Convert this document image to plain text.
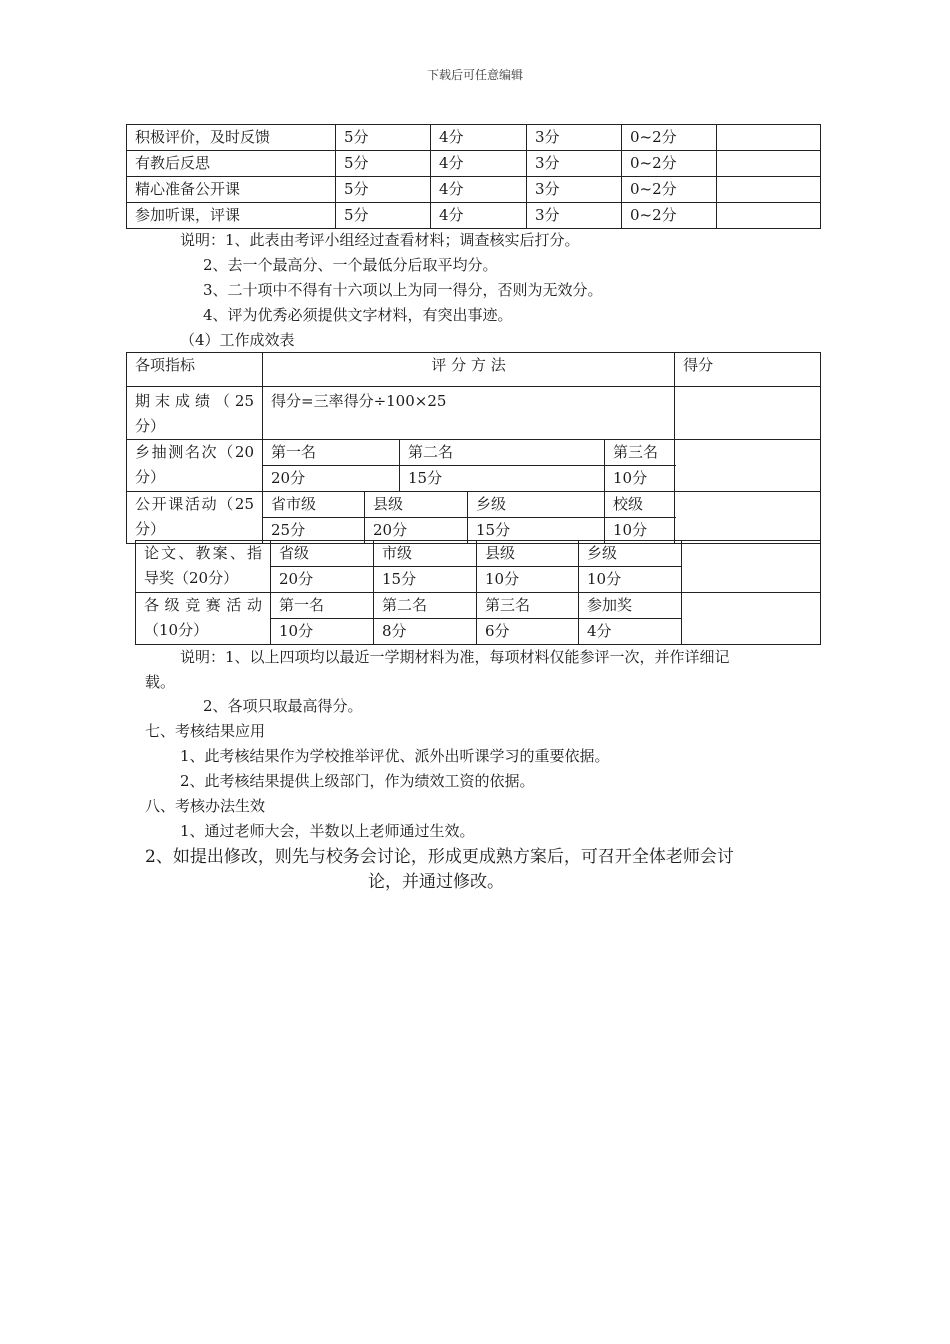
下载后可任意编辑
积极评价，及时反馈	5分	4分	3分	0~2分	
有教后反思	5分	4分	3分	0~2分	
精心准备公开课	5分	4分	3分	0~2分	
参加听课，评课	5分	4分	3分	0~2分	
说明：1、此表由考评小组经过查看材料；调查核实后打分。
2、去一个最高分、一个最低分后取平均分。
3、二十项中不得有十六项以上为同一得分，否则为无效分。
4、评为优秀必须提供文字材料，有突出事迹。
（4）工作成效表
各项指标	评 分 方 法					得分

期末成绩（25
分）	得分=三率得分÷100×25					

乡抽测名次（20
分）	第一名		第二名		第三名	
	20分		15分		10分	

公开课活动（25
分）	省市级	县级		乡级	校级	
	25分	20分		15分	10分	
论文、教案、指
导奖（20分）	省级	市级	县级	乡级	
	20分	15分	10分	10分	

各级竞赛活动
（10分）	第一名	第二名	第三名	参加奖	
	10分	8分	6分	4分	
说明：1、以上四项均以最近一学期材料为准，每项材料仅能参评一次，并作详细记
载。
2、各项只取最高得分。
七、考核结果应用
1、此考核结果作为学校推举评优、派外出听课学习的重要依据。
2、此考核结果提供上级部门，作为绩效工资的依据。
八、考核办法生效
1、通过老师大会，半数以上老师通过生效。
2、如提出修改，则先与校务会讨论，形成更成熟方案后，可召开全体老师会讨
论，并通过修改。
